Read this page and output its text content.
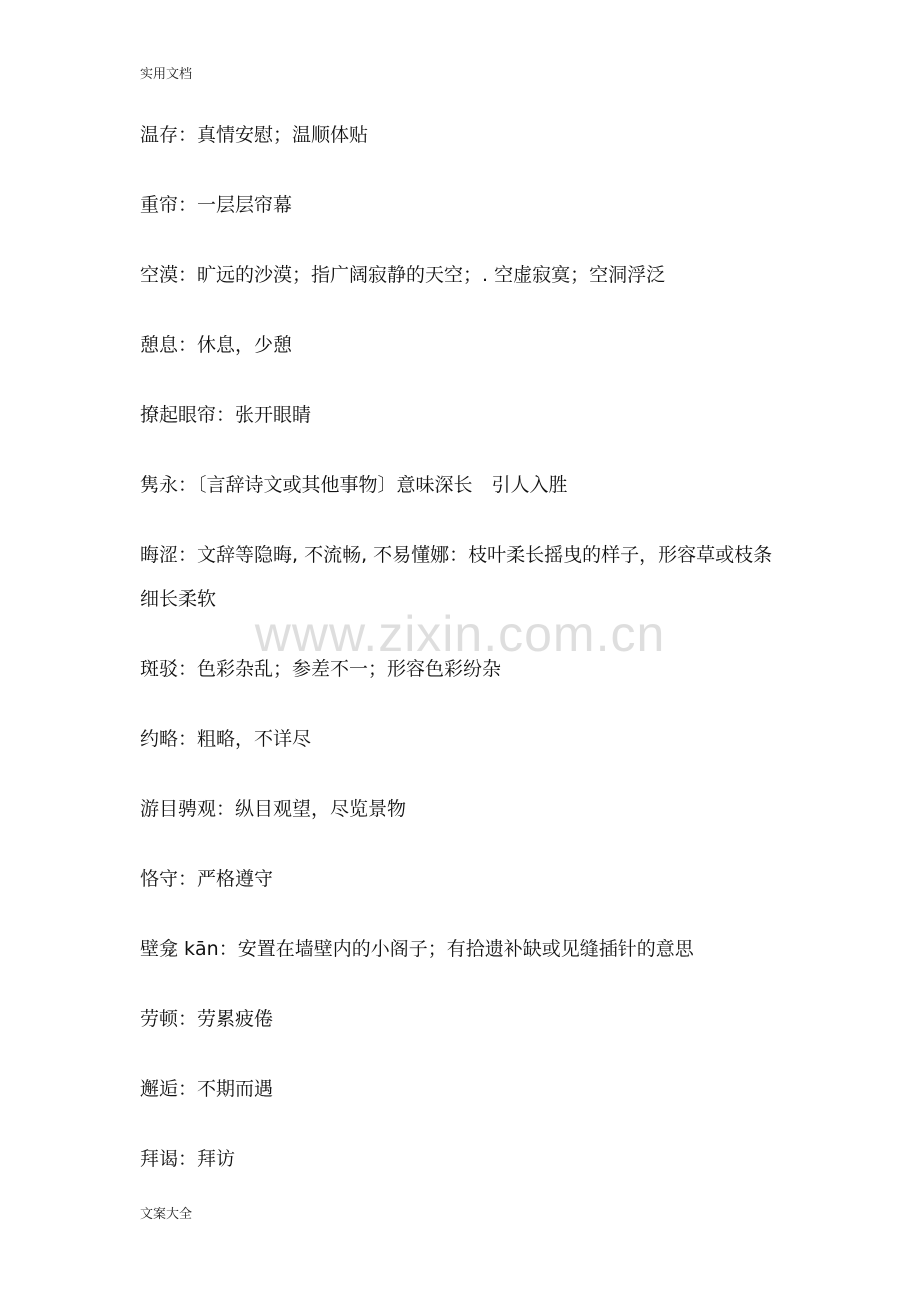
实用文档
www.zixin.com.cn
温存：真情安慰；温顺体贴
重帘：一层层帘幕
空漠：旷远的沙漠；指广阔寂静的天空；. 空虚寂寞；空洞浮泛
憩息：休息，少憩
撩起眼帘：张开眼睛
隽永：〔言辞诗文或其他事物〕意味深长　引人入胜
晦涩：文辞等隐晦, 不流畅, 不易懂娜：枝叶柔长摇曳的样子，形容草或枝条细长柔软
斑驳：色彩杂乱；参差不一；形容色彩纷杂
约略：粗略，不详尽
游目骋观：纵目观望，尽览景物
恪守：严格遵守
壁龛 kān：安置在墙壁内的小阁子；有拾遗补缺或见缝插针的意思
劳顿：劳累疲倦
邂逅：不期而遇
拜谒：拜访
文案大全
